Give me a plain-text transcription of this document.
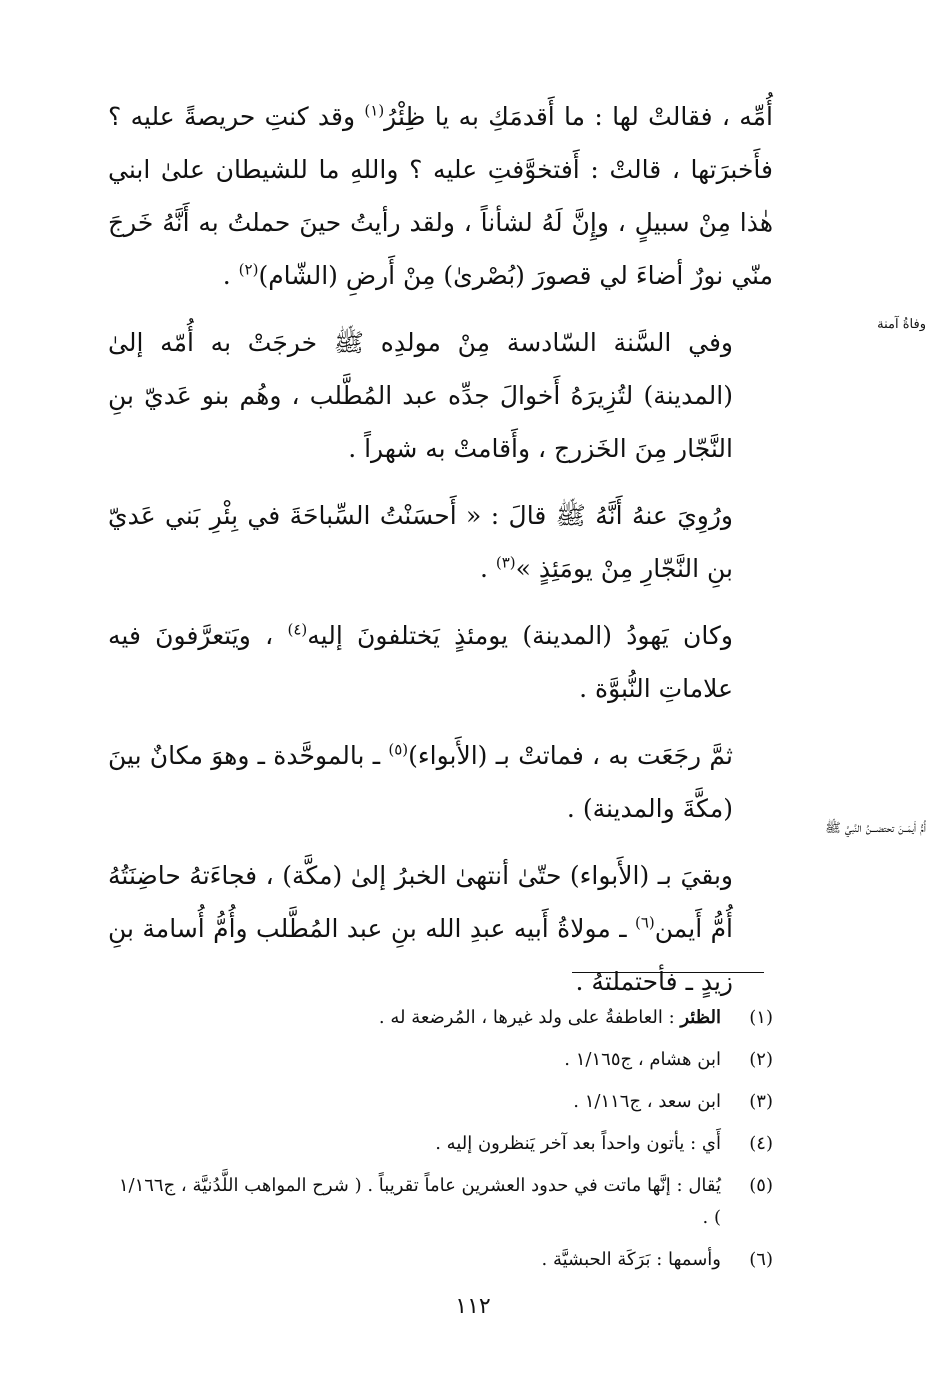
أُمِّه ، فقالتْ لها : ما أَقدمَكِ به يا ظِئْرُ$^{(١)}$ وقد كنتِ حريصةً عليه ؟ فأَخبرَتها ، قالتْ : أَفتخوَّفتِ عليه ؟ واللهِ ما للشيطان علىٰ ابني هٰذا مِنْ سبيلٍ ، وإِنَّ لَهُ لشأناً ، ولقد رأيتُ حينَ حملتُ به أَنَّهُ خَرجَ منّي نورٌ أضاءَ لي قصورَ (بُصْرىٰ) مِنْ أَرضِ (الشّام)$^{(٢)}$ .

وفي السَّنة السّادسة مِنْ مولدِه ﷺ خرجَتْ به أُمّه إلىٰ (المدينة) لتُزِيرَهُ أَخوالَ جدِّه عبد المُطَّلب ، وهُم بنو عَديّ بنِ النَّجّار مِنَ الخَزرج ، وأَقامتْ به شهراً .

ورُوِيَ عنهُ أَنَّهُ ﷺ قالَ : « أَحسَنْتُ السِّباحَةَ في بِئْرِ بَني عَديّ بنِ النَّجّارِ مِنْ يومَئِذٍ »$^{(٣)}$ .

وكان يَهودُ (المدينة) يومئذٍ يَختلفونَ إليه$^{(٤)}$ ، ويَتعرَّفونَ فيه علاماتِ النُّبوَّة .

ثمَّ رجَعَت به ، فماتتْ بـ (الأَبواء)$^{(٥)}$ ـ بالموحَّدة ـ وهوَ مكانٌ بينَ (مكَّةَ والمدينة) .

وبقيَ بـ (الأَبواء) حتّىٰ أنتهىٰ الخبرُ إلىٰ (مكَّة) ، فجاءَتهُ حاضِنَتُهُ أُمُّ أَيمن$^{(٦)}$ ـ مولاةُ أَبيه عبدِ الله بنِ عبد المُطَّلب وأُمُّ أُسامة بنِ زيدٍ ـ فأحتملتهُ .

وفاةُ آمنة
أُمُّ أَيمَــنَ تحتضـــنُ النَّبيَّ ﷺ
(١)
الظئر : العاطفةُ على ولد غيرها ، المُرضعة له .
(٢)
ابن هشام ، ج١/١٦٥ .
(٣)
ابن سعد ، ج١/١١٦ .
(٤)
أَي : يأتون واحداً بعد آخر يَنظرون إليه .
(٥)
يُقال : إنَّها ماتت في حدود العشرين عاماً تقريباً . ( شرح المواهب اللَّدُنيَّة ، ج١/١٦٦ ) .
(٦)
وأسمها : بَرَكَة الحبشيَّة .
١١٢
